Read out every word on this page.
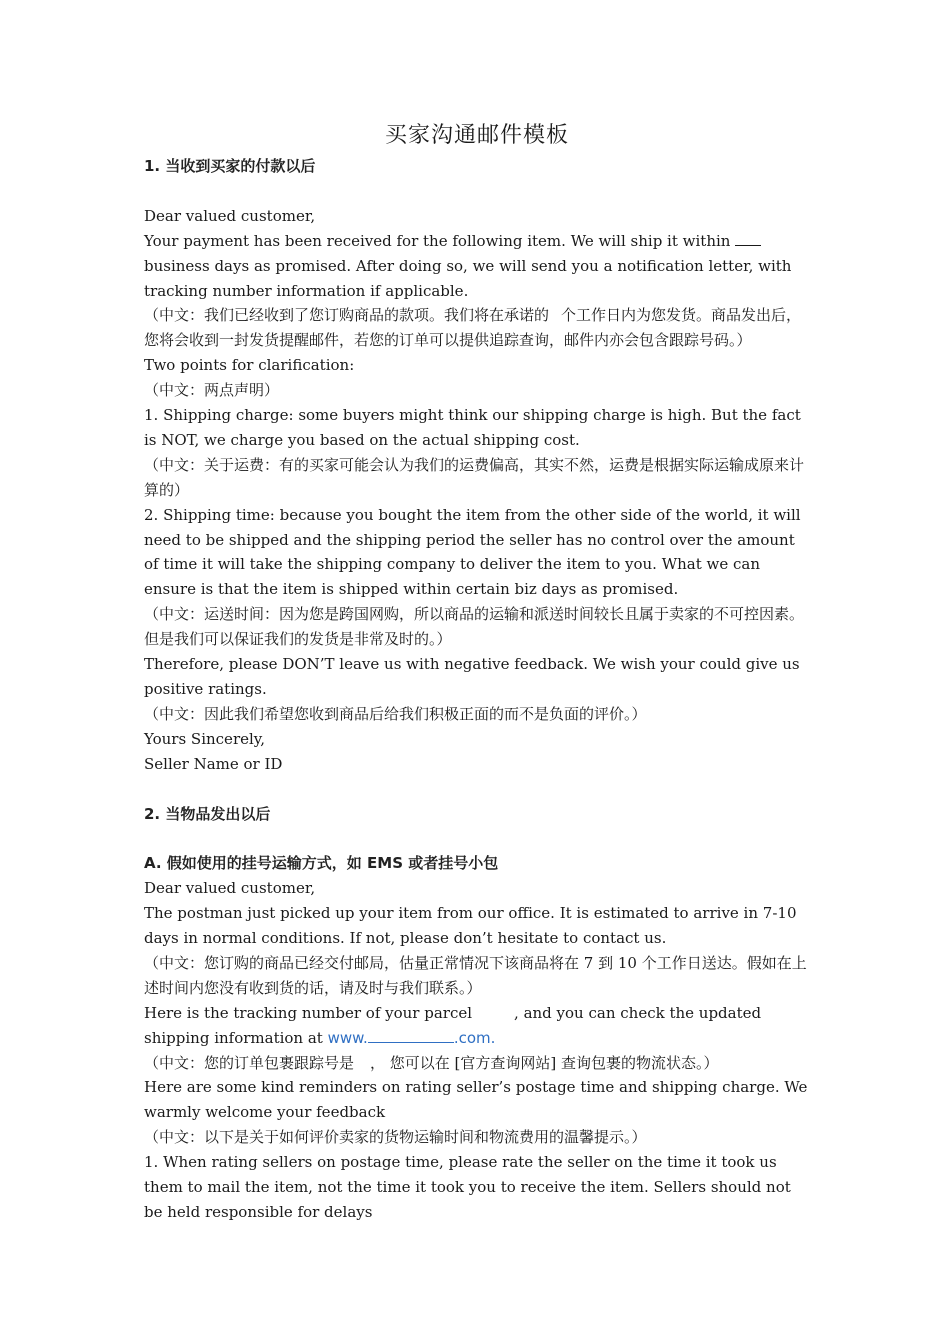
买家沟通邮件模板
1. 当收到买家的付款以后

Dear valued customer,

Your payment has been received for the following item. We will ship it within  business days as promised. After doing so, we will send you a notification letter, with tracking number information if applicable.

（中文：我们已经收到了您订购商品的款项。我们将在承诺的 个工作日内为您发货。商品发出后，您将会收到一封发货提醒邮件，若您的订单可以提供追踪查询，邮件内亦会包含跟踪号码。）

Two points for clarification:

（中文：两点声明）

1. Shipping charge: some buyers might think our shipping charge is high. But the fact is NOT, we charge you based on the actual shipping cost.

（中文：关于运费：有的买家可能会认为我们的运费偏高，其实不然，运费是根据实际运输成原来计算的）

2. Shipping time: because you bought the item from the other side of the world, it will need to be shipped and the shipping period the seller has no control over the amount of time it will take the shipping company to deliver the item to you. What we can ensure is that the item is shipped within certain biz days as promised.

（中文：运送时间：因为您是跨国网购，所以商品的运输和派送时间较长且属于卖家的不可控因素。但是我们可以保证我们的发货是非常及时的。）

Therefore, please DON’T leave us with negative feedback. We wish your could give us positive ratings.

（中文：因此我们希望您收到商品后给我们积极正面的而不是负面的评价。）

Yours Sincerely,

Seller Name or ID

2. 当物品发出以后
A. 假如使用的挂号运输方式，如 EMS 或者挂号小包

Dear valued customer,

The postman just picked up your item from our office. It is estimated to arrive in 7-10 days in normal conditions. If not, please don’t hesitate to contact us.

（中文：您订购的商品已经交付邮局，估量正常情况下该商品将在 7 到 10 个工作日送达。假如在上述时间内您没有收到货的话，请及时与我们联系。）

Here is the tracking number of your parcel	, and you can check the updated shipping information at www.	.com.

（中文：您的订单包裹跟踪号是 ， 您可以在 [官方查询网站] 查询包裹的物流状态。）

Here are some kind reminders on rating seller’s postage time and shipping charge. We warmly welcome your feedback

（中文：以下是关于如何评价卖家的货物运输时间和物流费用的温馨提示。）

1. When rating sellers on postage time, please rate the seller on the time it took us them to mail the item, not the time it took you to receive the item. Sellers should not be held responsible for delays
